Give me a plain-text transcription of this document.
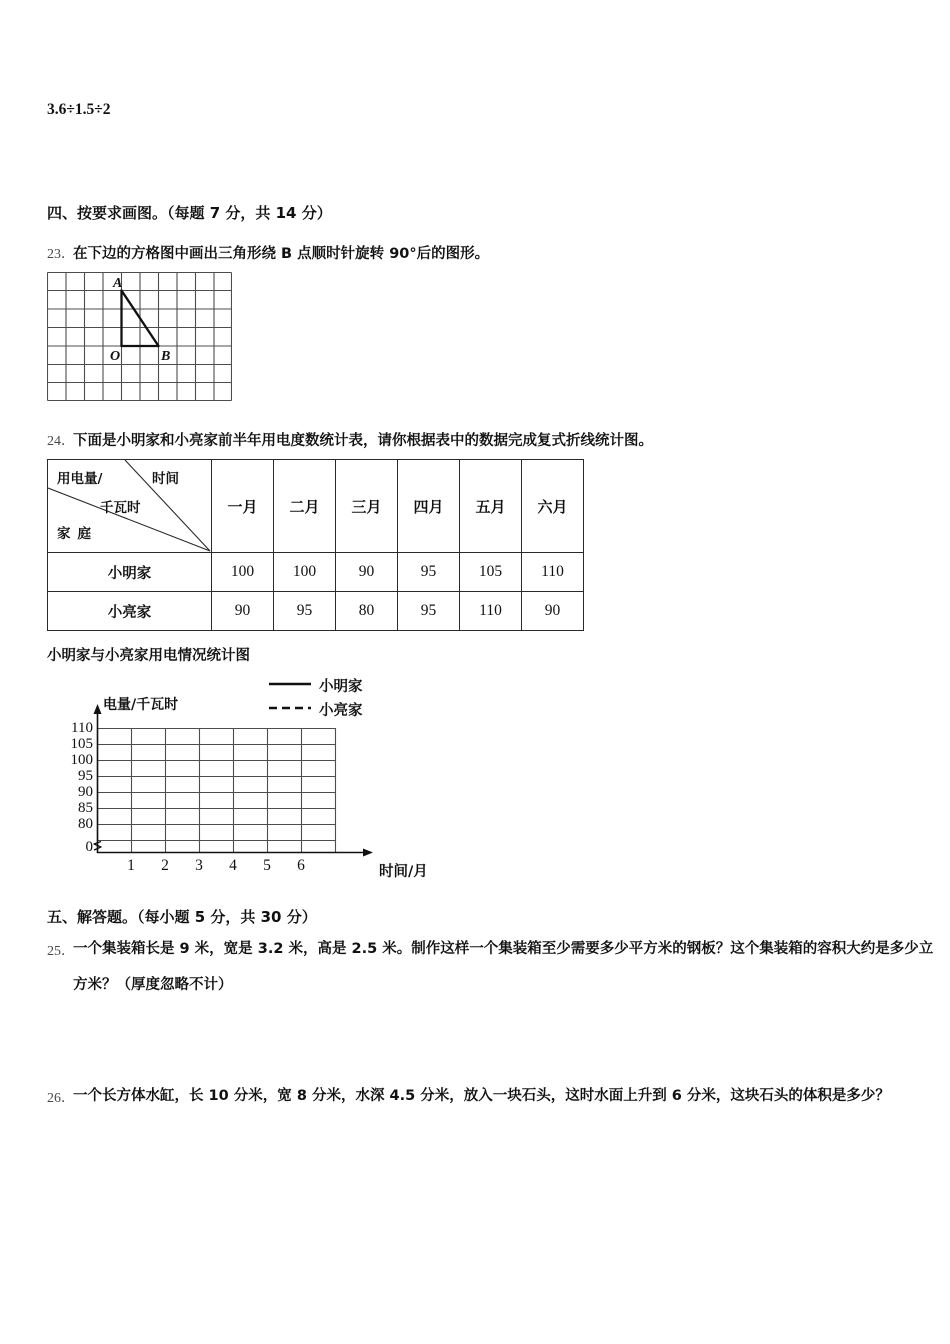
3.6÷1.5÷2
四、按要求画图。（每题 7 分，共 14 分）
23．
在下边的方格图中画出三角形绕 B 点顺时针旋转 90°后的图形。
A
O	B
24．
下面是小明家和小亮家前半年用电度数统计表，请你根据表中的数据完成复式折线统计图。
用电量/ 时间
千瓦时
家庭	一月	二月	三月	四月	五月	六月
小明家	100	100	90	95	105	110
小亮家	90	95	80	95	110	90
小明家与小亮家用电情况统计图
电量/千瓦时
时间/月
110
105
100
95
90
85
80
0
1	2	3	4	5	6
小明家
小亮家
五、解答题。（每小题 5 分，共 30 分）
25．
一个集装箱长是 9 米，宽是 3.2 米，高是 2.5 米。制作这样一个集装箱至少需要多少平方米的钢板？这个集装箱的容积大约是多少立方米？（厚度忽略不计）
26．
一个长方体水缸，长 10 分米，宽 8 分米，水深 4.5 分米，放入一块石头，这时水面上升到 6 分米，这块石头的体积是多少？
